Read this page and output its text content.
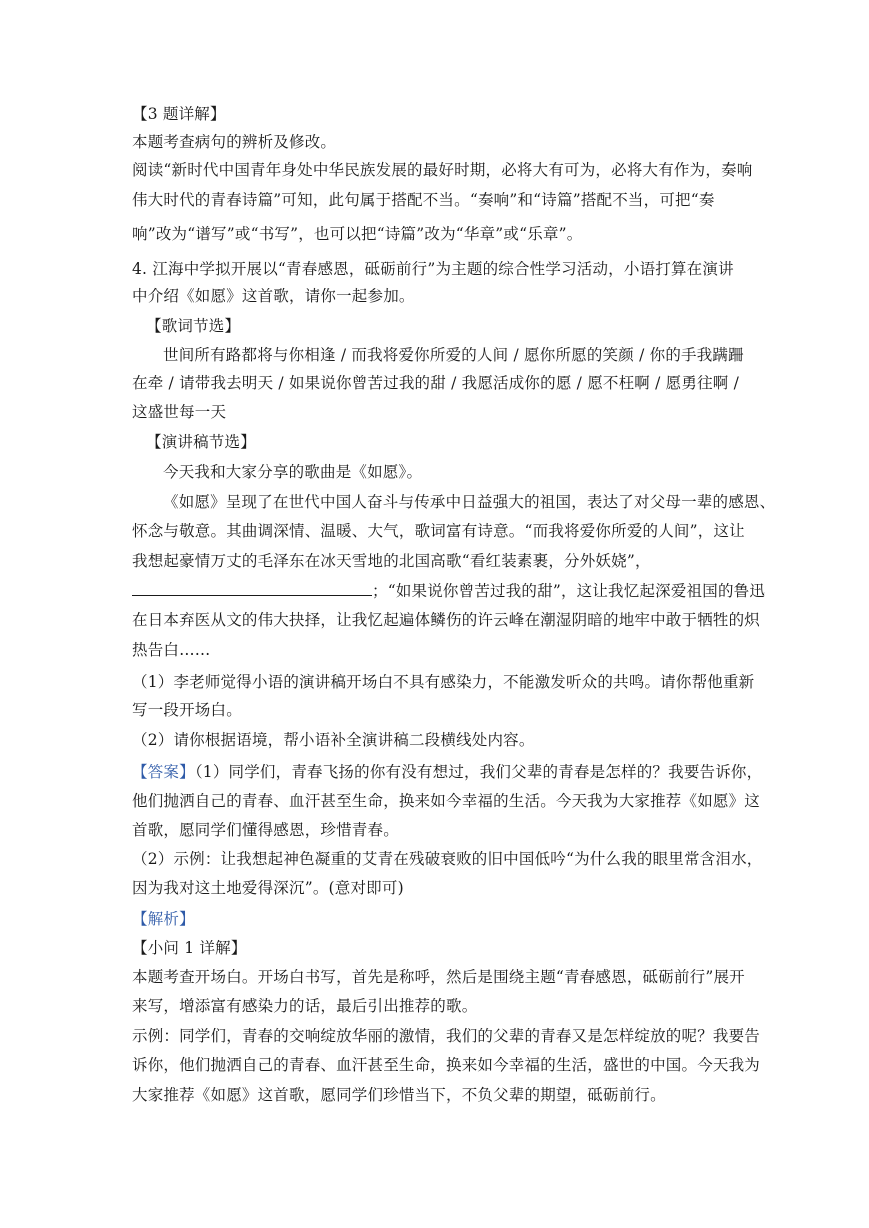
【3 题详解】
本题考查病句的辨析及修改。
阅读“新时代中国青年身处中华民族发展的最好时期，必将大有可为，必将大有作为，奏响
伟大时代的青春诗篇”可知，此句属于搭配不当。“奏响”和“诗篇”搭配不当，可把“奏
响”改为“谱写”或“书写”，也可以把“诗篇”改为“华章”或“乐章”。
4. 江海中学拟开展以“青春感恩，砥砺前行”为主题的综合性学习活动，小语打算在演讲
中介绍《如愿》这首歌，请你一起参加。
【歌词节选】
世间所有路都将与你相逢 / 而我将爱你所爱的人间 / 愿你所愿的笑颜 / 你的手我蹒跚
在牵 / 请带我去明天 / 如果说你曾苦过我的甜 / 我愿活成你的愿 / 愿不枉啊 / 愿勇往啊 /
这盛世每一天
【演讲稿节选】
今天我和大家分享的歌曲是《如愿》。
《如愿》呈现了在世代中国人奋斗与传承中日益强大的祖国，表达了对父母一辈的感恩、
怀念与敬意。其曲调深情、温暖、大气，歌词富有诗意。“而我将爱你所爱的人间”，这让
我想起豪情万丈的毛泽东在冰天雪地的北国高歌“看红装素裹，分外妖娆”，
；“如果说你曾苦过我的甜”，这让我忆起深爱祖国的鲁迅
在日本弃医从文的伟大抉择，让我忆起遍体鳞伤的许云峰在潮湿阴暗的地牢中敢于牺牲的炽
热告白……
（1）李老师觉得小语的演讲稿开场白不具有感染力，不能激发听众的共鸣。请你帮他重新
写一段开场白。
（2）请你根据语境，帮小语补全演讲稿二段横线处内容。
【答案】（1）同学们，青春飞扬的你有没有想过，我们父辈的青春是怎样的？我要告诉你，
他们抛洒自己的青春、血汗甚至生命，换来如今幸福的生活。今天我为大家推荐《如愿》这
首歌，愿同学们懂得感恩，珍惜青春。
（2）示例：让我想起神色凝重的艾青在残破衰败的旧中国低吟“为什么我的眼里常含泪水，
因为我对这土地爱得深沉”。(意对即可)
【解析】
【小问 1 详解】
本题考查开场白。开场白书写，首先是称呼，然后是围绕主题“青春感恩，砥砺前行”展开
来写，增添富有感染力的话，最后引出推荐的歌。
示例：同学们，青春的交响绽放华丽的激情，我们的父辈的青春又是怎样绽放的呢？我要告
诉你，他们抛洒自己的青春、血汗甚至生命，换来如今幸福的生活，盛世的中国。今天我为
大家推荐《如愿》这首歌，愿同学们珍惜当下，不负父辈的期望，砥砺前行。
